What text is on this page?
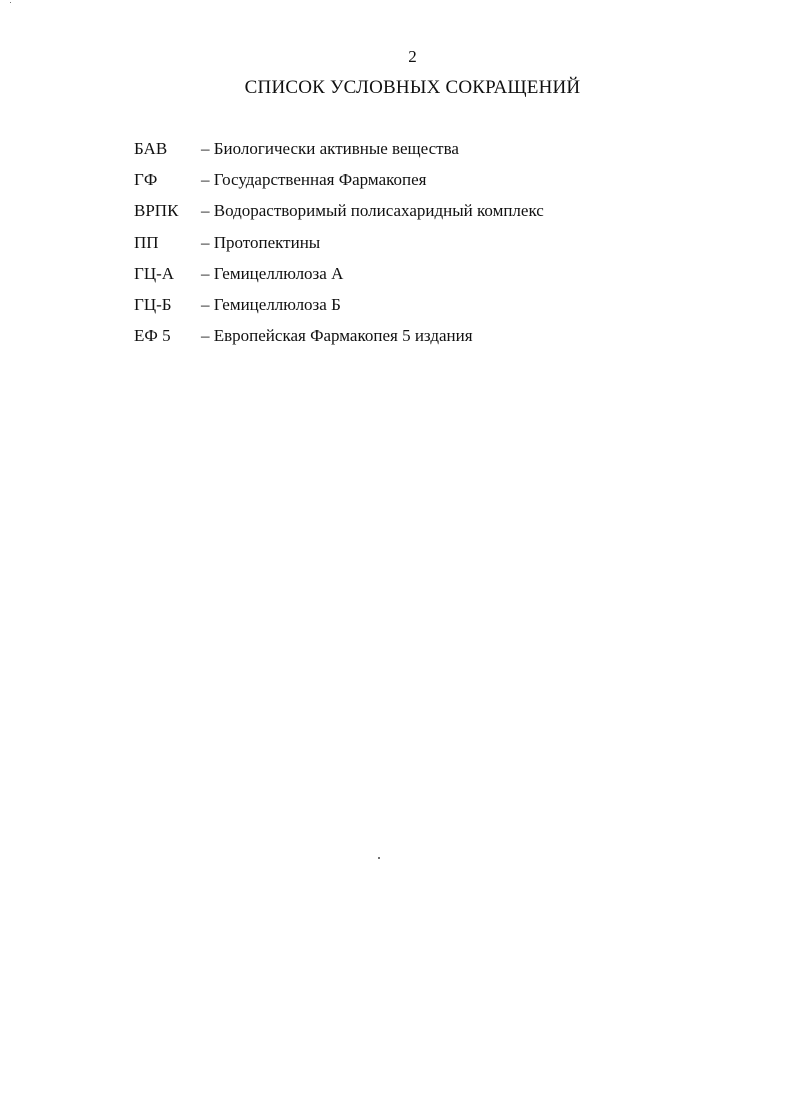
2
СПИСОК УСЛОВНЫХ СОКРАЩЕНИЙ
БАВ	– Биологически активные вещества
ГФ	– Государственная Фармакопея
ВРПК	– Водорастворимый полисахаридный комплекс
ПП	– Протопектины
ГЦ-А	– Гемицеллюлоза А
ГЦ-Б	– Гемицеллюлоза Б
ЕФ 5	– Европейская Фармакопея 5 издания
